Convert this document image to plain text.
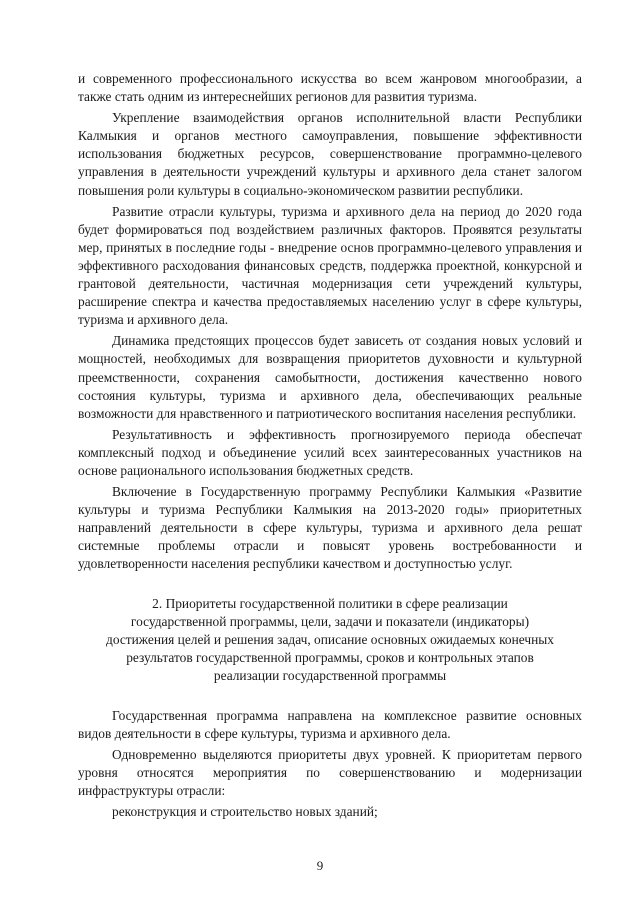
и современного профессионального искусства во всем жанровом многообразии, а также стать одним из интереснейших регионов для развития туризма.

Укрепление взаимодействия органов исполнительной власти Республики Калмыкия и органов местного самоуправления, повышение эффективности использования бюджетных ресурсов, совершенствование программно-целевого управления в деятельности учреждений культуры и архивного дела станет залогом повышения роли культуры в социально-экономическом развитии республики.

Развитие отрасли культуры, туризма и архивного дела на период до 2020 года будет формироваться под воздействием различных факторов. Проявятся результаты мер, принятых в последние годы - внедрение основ программно-целевого управления и эффективного расходования финансовых средств, поддержка проектной, конкурсной и грантовой деятельности, частичная модернизация сети учреждений культуры, расширение спектра и качества предоставляемых населению услуг в сфере культуры, туризма и архивного дела.

Динамика предстоящих процессов будет зависеть от создания новых условий и мощностей, необходимых для возвращения приоритетов духовности и культурной преемственности, сохранения самобытности, достижения качественно нового состояния культуры, туризма и архивного дела, обеспечивающих реальные возможности для нравственного и патриотического воспитания населения республики.

Результативность и эффективность прогнозируемого периода обеспечат комплексный подход и объединение усилий всех заинтересованных участников на основе рационального использования бюджетных средств.

Включение в Государственную программу Республики Калмыкия «Развитие культуры и туризма Республики Калмыкия на 2013-2020 годы» приоритетных направлений деятельности в сфере культуры, туризма и архивного дела решат системные проблемы отрасли и повысят уровень востребованности и удовлетворенности населения республики качеством и доступностью услуг.

2. Приоритеты государственной политики в сфере реализации
государственной программы, цели, задачи и показатели (индикаторы)
достижения целей и решения задач, описание основных ожидаемых конечных
результатов государственной программы, сроков и контрольных этапов
реализации государственной программы

Государственная программа направлена на комплексное развитие основных видов деятельности в сфере культуры, туризма и архивного дела.

Одновременно выделяются приоритеты двух уровней. К приоритетам первого уровня относятся мероприятия по совершенствованию и модернизации инфраструктуры отрасли:

реконструкция и строительство новых зданий;

9
